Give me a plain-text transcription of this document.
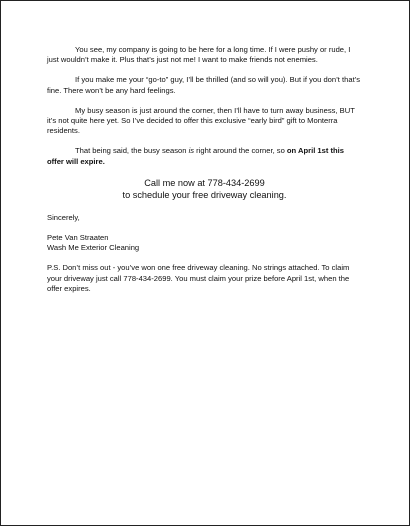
You see, my company is going to be here for a long time. If I were pushy or rude, I just wouldn’t make it. Plus that’s just not me! I want to make friends not enemies.

If you make me your “go-to” guy, I’ll be thrilled (and so will you). But if you don’t that’s fine. There won’t be any hard feelings.

My busy season is just around the corner, then I’ll have to turn away business, BUT it’s not quite here yet. So I’ve decided to offer this exclusive “early bird” gift to Monterra residents.

That being said, the busy season is right around the corner, so on April 1st this offer will expire.

Call me now at 778-434-2699
to schedule your free driveway cleaning.

Sincerely,

Pete Van Straaten
Wash Me Exterior Cleaning

P.S. Don’t miss out - you’ve won one free driveway cleaning. No strings attached. To claim your driveway just call 778-434-2699. You must claim your prize before April 1st, when the offer expires.
